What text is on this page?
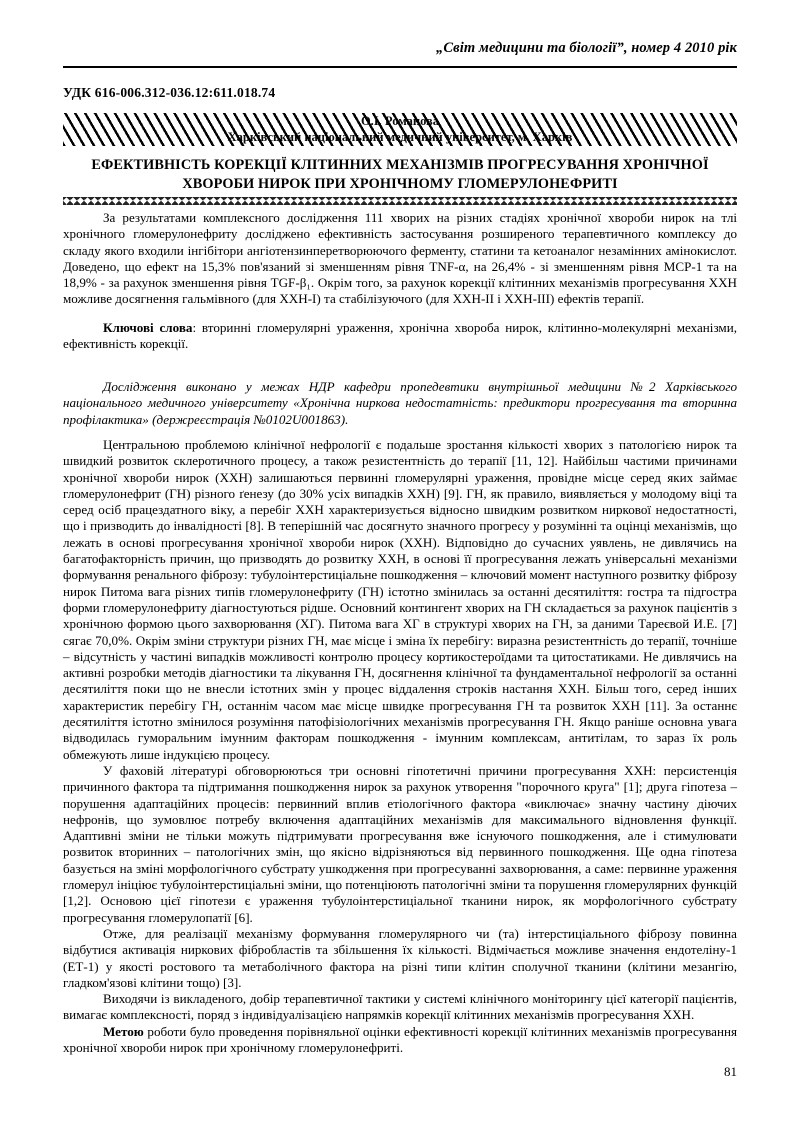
„Світ медицини та біології”, номер 4 2010 рік
УДК 616-006.312-036.12:611.018.74
О.І. Романова
Харківський національний медичний університет, м. Харків
ЕФЕКТИВНІСТЬ КОРЕКЦІЇ КЛІТИННИХ МЕХАНІЗМІВ ПРОГРЕСУВАННЯ ХРОНІЧНОЇ ХВОРОБИ НИРОК ПРИ ХРОНІЧНОМУ ГЛОМЕРУЛОНЕФРИТІ

За результатами комплексного дослідження 111 хворих на різних стадіях хронічної хвороби нирок на тлі хронічного гломерулонефриту досліджено ефективність застосування розширеного терапевтичного комплексу до складу якого входили інгібітори ангіотензинперетворюючого ферменту, статини та кетоаналог незамінних амінокислот. Доведено, що ефект на 15,3% пов'язаний зі зменшенням рівня TNF-α, на 26,4% - зі зменшенням рівня МСР-1 та на 18,9% - за рахунок зменшення рівня TGF-β₁. Окрім того, за рахунок корекції клітинних механізмів прогресування ХХН можливе досягнення гальмівного (для ХХН-І) та стабілізуючого (для ХХН-ІІ і ХХН-ІІІ) ефектів терапії.

Ключові слова: вторинні гломерулярні ураження, хронічна хвороба нирок, клітинно-молекулярні механізми, ефективність корекції.

Дослідження виконано у межах НДР кафедри пропедевтики внутрішньої медицини №2 Харківського національного медичного університету «Хронічна ниркова недостатність: предиктори прогресування та вторинна профілактика» (держреєстрація №0102U001863).

Центральною проблемою клінічної нефрології є подальше зростання кількості хворих з патологією нирок та швидкий розвиток склеротичного процесу, а також резистентність до терапії [11, 12]. Найбільш частими причинами хронічної хвороби нирок (ХХН) залишаються первинні гломерулярні ураження, провідне місце серед яких займає гломерулонефрит (ГН) різного ґенезу (до 30% усіх випадків ХХН) [9]. ГН, як правило, виявляється у молодому віці та серед осіб працездатного віку, а перебіг ХХН характеризується відносно швидким розвитком ниркової недостатності, що і призводить до інвалідності [8]. В теперішній час досягнуто значного прогресу у розумінні та оцінці механізмів, що лежать в основі прогресування хронічної хвороби нирок (ХХН). Відповідно до сучасних уявлень, не дивлячись на багатофакторність причин, що призводять до розвитку ХХН, в основі її прогресування лежать універсальні механізми формування ренального фіброзу: тубулоінтерстиціальне пошкодження – ключовий момент наступного розвитку фіброзу нирок Питома вага різних типів гломерулонефриту (ГН) істотно змінилась за останні десятиліття: гостра та підгостра форми гломерулонефриту діагностуються рідше. Основний контингент хворих на ГН складається за рахунок пацієнтів з хронічною формою цього захворювання (ХГ). Питома вага ХГ в структурі хворих на ГН, за даними Тареєвой И.Е. [7] сягає 70,0%. Окрім зміни структури різних ГН, має місце і зміна їх перебігу: виразна резистентність до терапії, точніше – відсутність у частині випадків можливості контролю процесу кортикостероїдами та цитостатиками. Не дивлячись на активні розробки методів діагностики та лікування ГН, досягнення клінічної та фундаментальної нефрології за останні десятиліття поки що не внесли істотних змін у процес віддалення строків настання ХХН. Більш того, серед інших характеристик перебігу ГН, останнім часом має місце швидке прогресування ГН та розвиток ХХН [11]. За останнє десятиліття істотно змінилося розуміння патофізіологічних механізмів прогресування ГН. Якщо раніше основна увага відводилась гуморальним імунним факторам пошкодження - імунним комплексам, антитілам, то зараз їх роль обмежують лише індукцією процесу.

У фаховій літературі обговорюються три основні гіпотетичні причини прогресування ХХН: персистенція причинного фактора та підтримання пошкодження нирок за рахунок утворення "порочного круга" [1]; друга гіпотеза – порушення адаптаційних процесів: первинний вплив етіологічного фактора «виключає» значну частину діючих нефронів, що зумовлює потребу включення адаптаційних механізмів для максимального відновлення функції. Адаптивні зміни не тільки можуть підтримувати прогресування вже існуючого пошкодження, але і стимулювати розвиток вторинних – патологічних змін, що якісно відрізняються від первинного пошкодження. Ще одна гіпотеза базується на зміні морфологічного субстрату ушкодження при прогресуванні захворювання, а саме: первинне ураження гломерул ініціює тубулоінтерстиціальні зміни, що потенціюють патологічні зміни та порушення гломерулярних функцій [1,2]. Основою цієї гіпотези є ураження тубулоінтерстиціальної тканини нирок, як морфологічного субстрату прогресування гломерулопатії [6].

Отже, для реалізації механізму формування гломерулярного чи (та) інтерстиціального фіброзу повинна відбутися активація ниркових фібробластів та збільшення їх кількості. Відмічається можливе значення ендотеліну-1 (ЕТ-1) у якості ростового та метаболічного фактора на різні типи клітин сполучної тканини (клітини мезангію, гладком'язові клітини тощо) [3].

Виходячи із викладеного, добір терапевтичної тактики у системі клінічного моніторингу цієї категорії пацієнтів, вимагає комплексності, поряд з індивідуалізацією напрямків корекції клітинних механізмів прогресування ХХН.

Метою роботи було проведення порівняльної оцінки ефективності корекції клітинних механізмів прогресування хронічної хвороби нирок при хронічному гломерулонефриті.

81
